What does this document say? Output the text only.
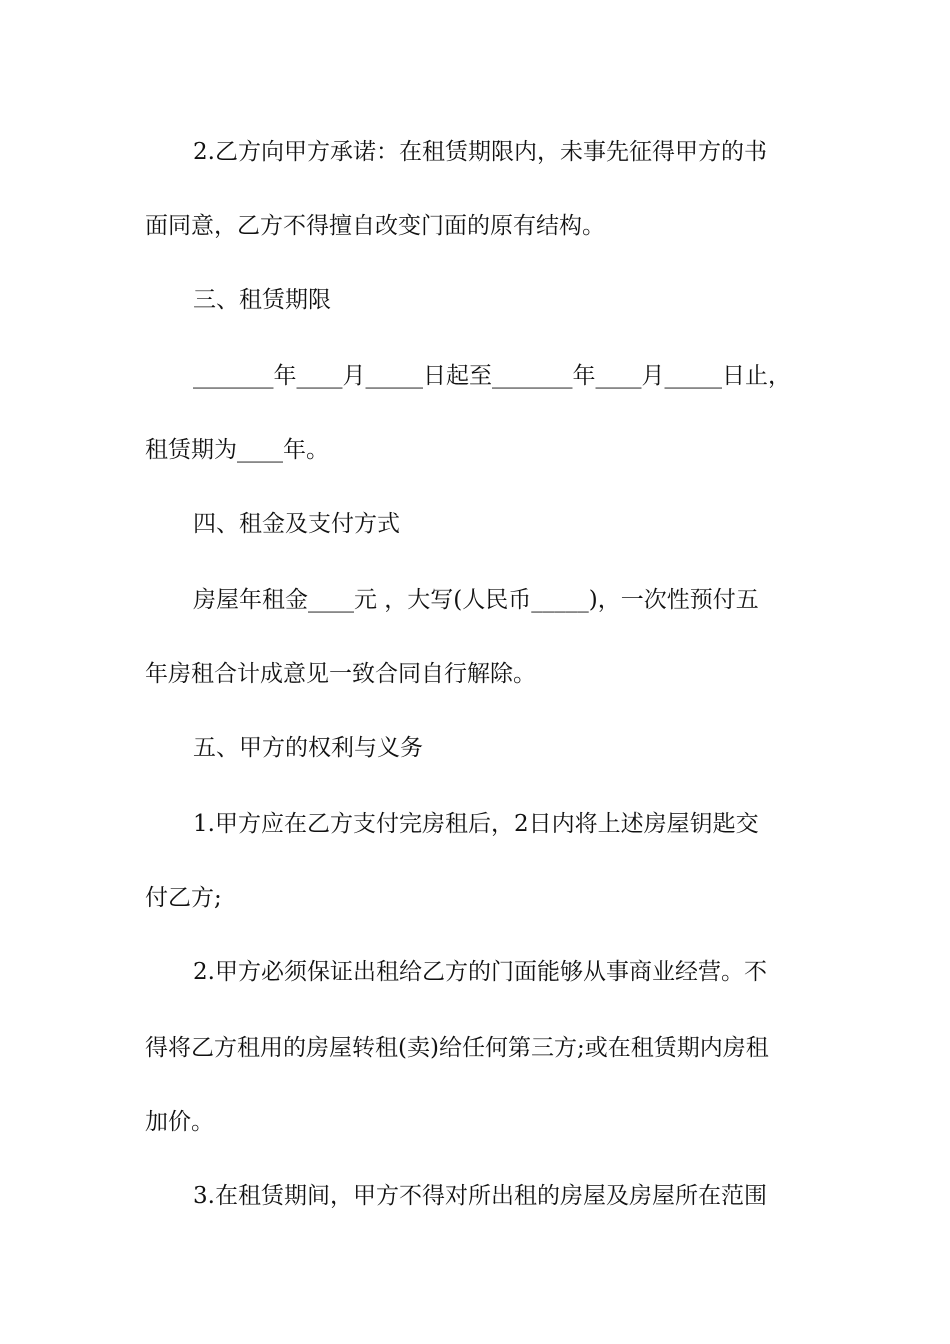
2.乙方向甲方承诺：在租赁期限内，未事先征得甲方的书
面同意，乙方不得擅自改变门面的原有结构。
三、租赁期限
_______年____月_____日起至_______年____月_____日止，
租赁期为____年。
四、租金及支付方式
房屋年租金____元 ，大写(人民币_____)，一次性预付五
年房租合计成意见一致合同自行解除。
五、甲方的权利与义务
1.甲方应在乙方支付完房租后，2日内将上述房屋钥匙交
付乙方;
2.甲方必须保证出租给乙方的门面能够从事商业经营。不
得将乙方租用的房屋转租(卖)给任何第三方;或在租赁期内房租
加价。
3.在租赁期间，甲方不得对所出租的房屋及房屋所在范围
